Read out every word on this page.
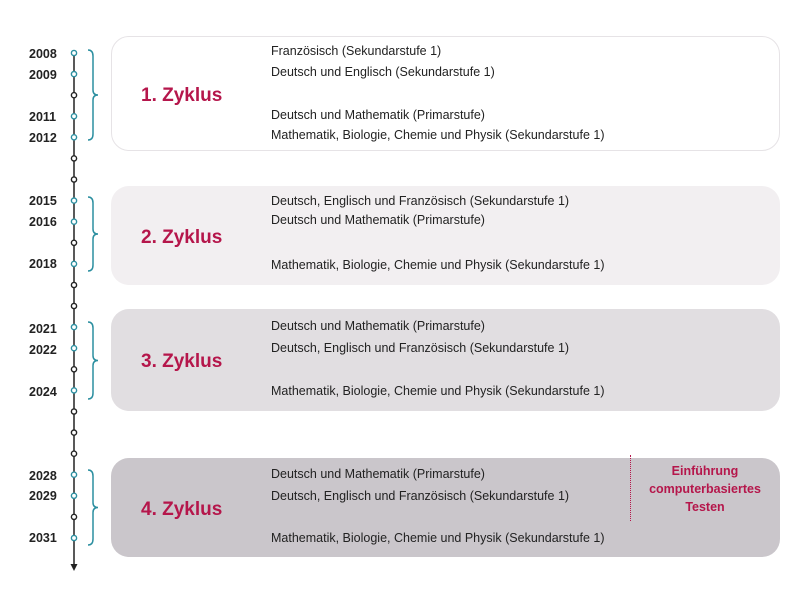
2008
2009
2011
2012
2015
2016
2018
2021
2022
2024
2028
2029
2031
1. Zyklus
Französisch (Sekundarstufe 1)
Deutsch und Englisch (Sekundarstufe 1)
Deutsch und Mathematik (Primarstufe)
Mathematik, Biologie, Chemie und Physik (Sekundarstufe 1)
2. Zyklus
Deutsch, Englisch und Französisch (Sekundarstufe 1)
Deutsch und Mathematik (Primarstufe)
Mathematik, Biologie, Chemie und Physik (Sekundarstufe 1)
3. Zyklus
Deutsch und Mathematik (Primarstufe)
Deutsch, Englisch und Französisch (Sekundarstufe 1)
Mathematik, Biologie, Chemie und Physik (Sekundarstufe 1)
4. Zyklus
Deutsch und Mathematik (Primarstufe)
Deutsch, Englisch und Französisch (Sekundarstufe 1)
Mathematik, Biologie, Chemie und Physik (Sekundarstufe 1)
Einführung computerbasiertes Testen
